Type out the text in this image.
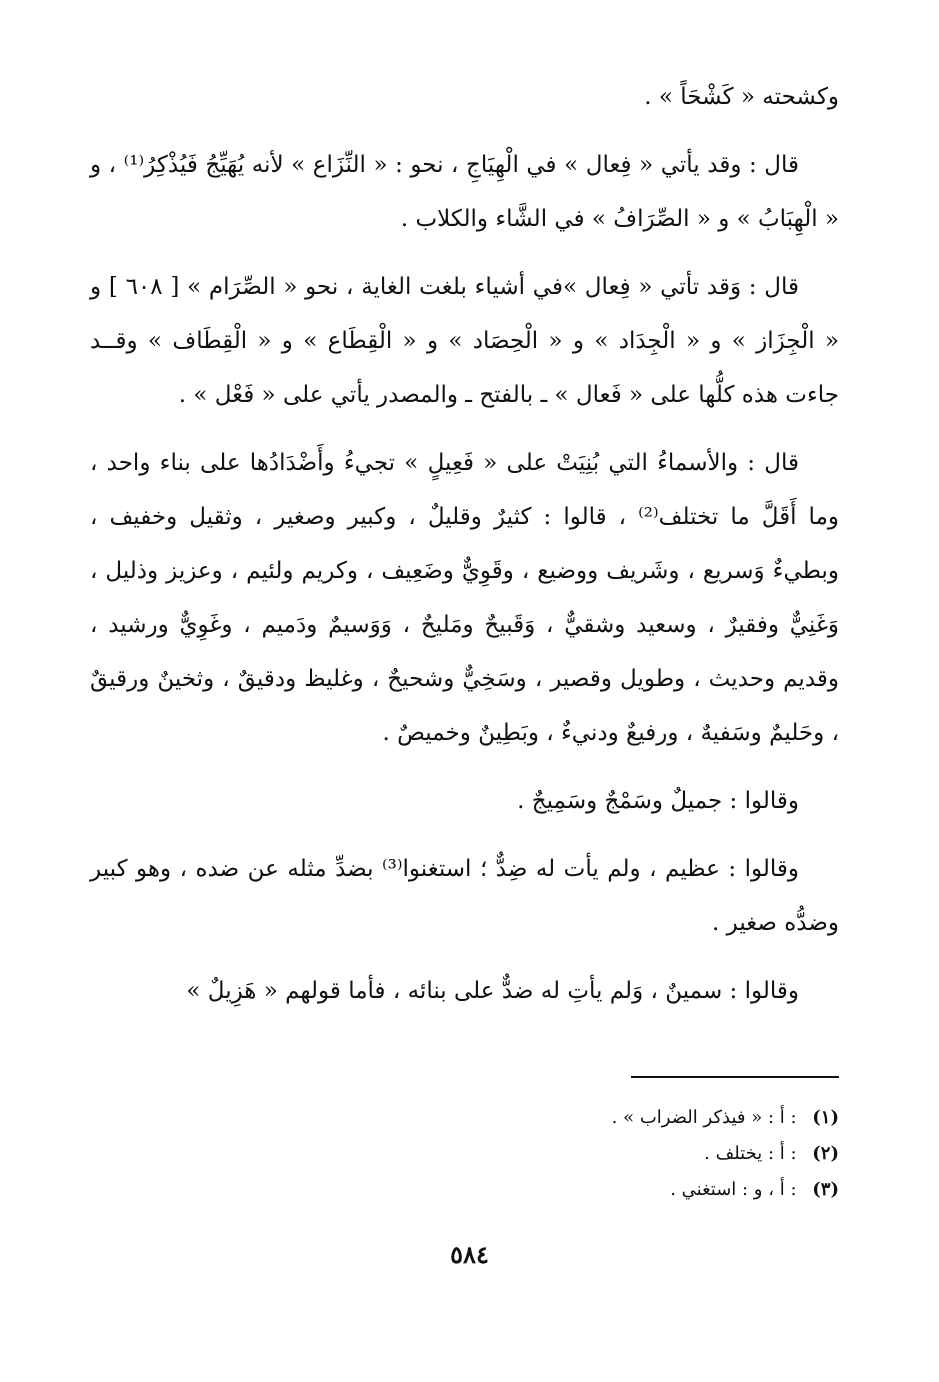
وكشحته « كَشْحَاً » .

قال : وقد يأتي « فِعال » في الْهِيَاجِ ، نحو : « النِّزَاع » لأنه يُهَيِّجُ فَيُذْكِرُ⁽¹⁾ ، و « الْهِبَابُ » و « الصِّرَافُ » في الشَّاء والكلاب .

قال : وَقد تأتي « فِعال »في أشياء بلغت الغاية ، نحو « الصِّرَام » [ ٦٠٨ ] و « الْجِزَاز » و « الْجِدَاد » و « الْحِصَاد » و « الْقِطَاع » و « الْقِطَاف » وقــد جاءت هذه كلُّها على « فَعال » ـ بالفتح ـ والمصدر يأتي على « فَعْل » .

قال : والأسماءُ التي بُنِيَتْ على « فَعِيلٍ » تجيءُ وأَضْدَادُها على بناء واحد ، وما أَقَلَّ ما تختلف⁽²⁾ ، قالوا : كثيرٌ وقليلٌ ، وكبير وصغير ، وثقيل وخفيف ، وبطيءٌ وَسريع ، وشَريف ووضيع ، وقَوِيٌّ وضَعِيف ، وكريم ولئيم ، وعزيز وذليل ، وَغَنِيٌّ وفقيرٌ ، وسعيد وشقيٌّ ، وَقَبيحٌ ومَليحٌ ، وَوَسيمٌ ودَميم ، وغَوِيٌّ ورشيد ، وقديم وحديث ، وطويل وقصير ، وسَخِيٌّ وشحيحٌ ، وغليظ ودقيقٌ ، وثخينٌ ورقيقٌ ، وحَليمٌ وسَفيهٌ ، ورفيعٌ ودنيءٌ ، وبَطِينٌ وخميصٌ .

وقالوا : جميلٌ وسَمْجٌ وسَمِيجٌ .

وقالوا : عظيم ، ولم يأت له ضِدٌّ ؛ استغنوا⁽³⁾ بضدِّ مثله عن ضده ، وهو كبير وضدُّه صغير .

وقالوا : سمينٌ ، وَلم يأتِ له ضدٌّ على بنائه ، فأما قولهم « هَزِيلٌ »

(١) : أ : « فيذكر الضراب » .
(٢) : أ : يختلف .
(٣) : أ ، و : استغني .
٥٨٤
